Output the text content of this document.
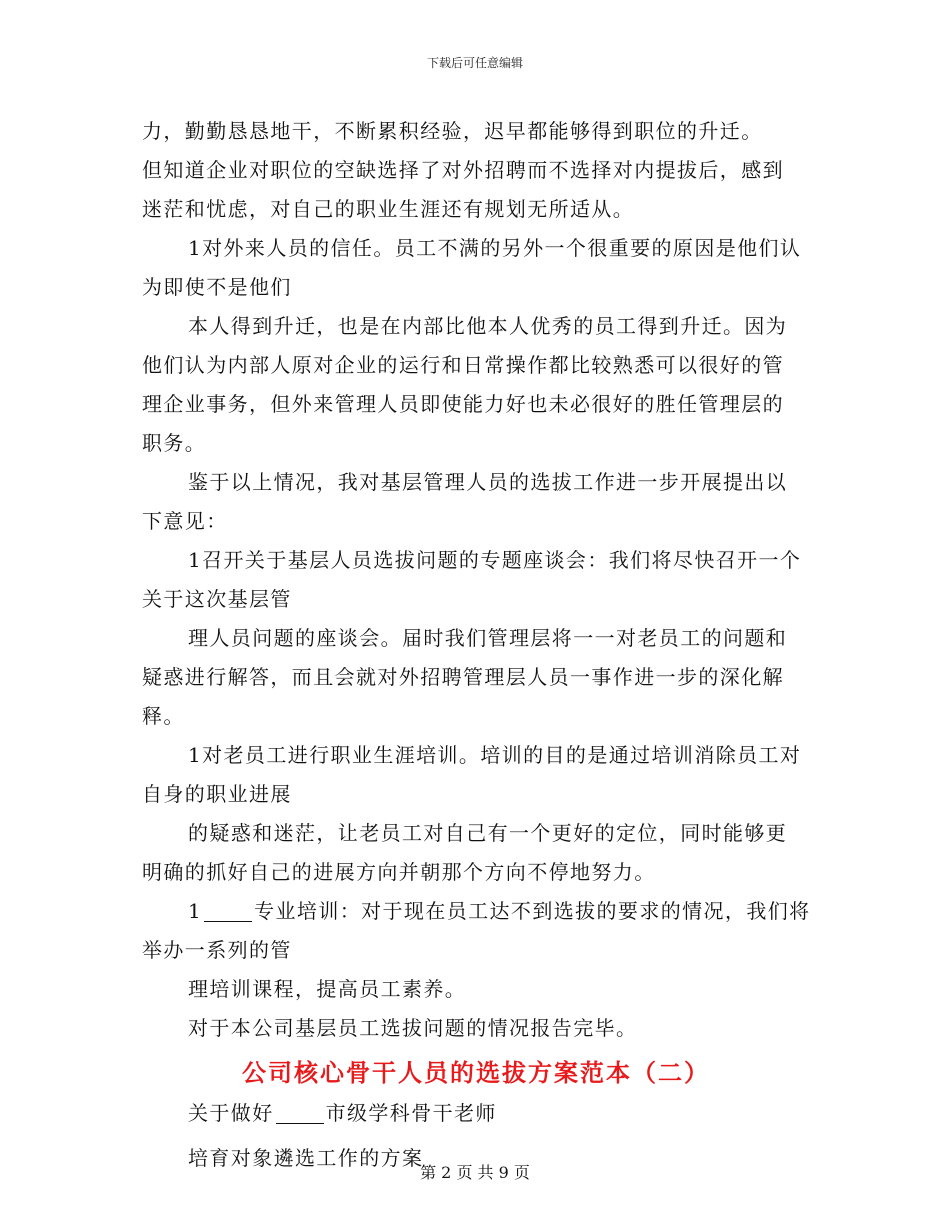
下载后可任意编辑
力，勤勤恳恳地干，不断累积经验，迟早都能够得到职位的升迁。
但知道企业对职位的空缺选择了对外招聘而不选择对内提拔后，感到
迷茫和忧虑，对自己的职业生涯还有规划无所适从。
1对外来人员的信任。员工不满的另外一个很重要的原因是他们认
为即使不是他们
本人得到升迁，也是在内部比他本人优秀的员工得到升迁。因为
他们认为内部人原对企业的运行和日常操作都比较熟悉可以很好的管
理企业事务，但外来管理人员即使能力好也未必很好的胜任管理层的
职务。
鉴于以上情况，我对基层管理人员的选拔工作进一步开展提出以
下意见：
1召开关于基层人员选拔问题的专题座谈会：我们将尽快召开一个
关于这次基层管
理人员问题的座谈会。届时我们管理层将一一对老员工的问题和
疑惑进行解答，而且会就对外招聘管理层人员一事作进一步的深化解
释。
1对老员工进行职业生涯培训。培训的目的是通过培训消除员工对
自身的职业进展
的疑惑和迷茫，让老员工对自己有一个更好的定位，同时能够更
明确的抓好自己的进展方向并朝那个方向不停地努力。
1	专业培训：对于现在员工达不到选拔的要求的情况，我们将
举办一系列的管
理培训课程，提高员工素养。
对于本公司基层员工选拔问题的情况报告完毕。
公司核心骨干人员的选拔方案范本（二）
关于做好	市级学科骨干老师
培育对象遴选工作的方案
第 2 页 共 9 页
